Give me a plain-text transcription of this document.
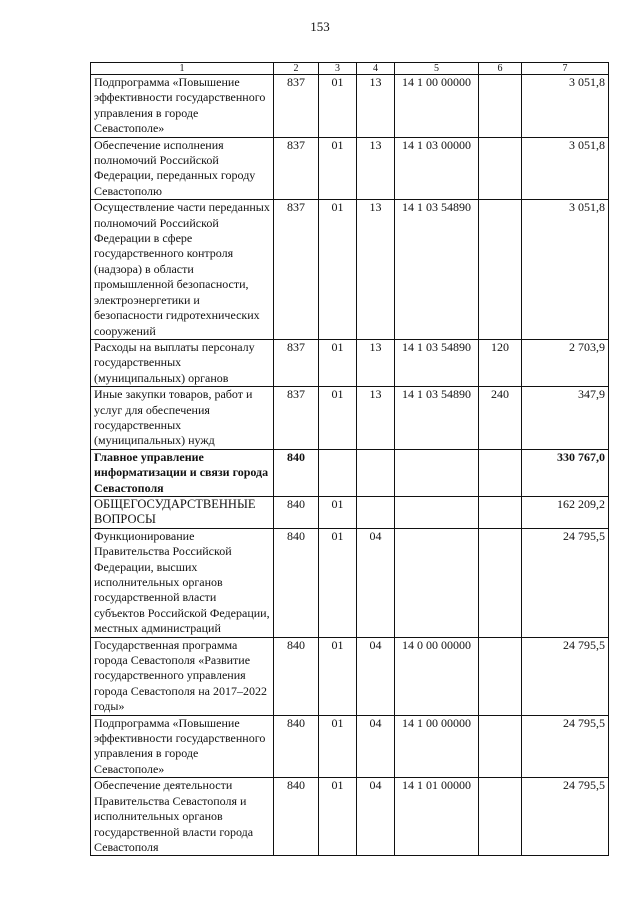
153
1	2	3	4	5	6	7
Подпрограмма «Повышение эффективности государственного управления в городе Севастополе»	837	01	13	14 1 00 00000		3 051,8
Обеспечение исполнения полномочий Российской Федерации, переданных городу Севастополю	837	01	13	14 1 03 00000		3 051,8
Осуществление части переданных полномочий Российской Федерации в сфере государственного контроля (надзора) в области промышленной безопасности, электроэнергетики и безопасности гидротехнических сооружений	837	01	13	14 1 03 54890		3 051,8
Расходы на выплаты персоналу государственных (муниципальных) органов	837	01	13	14 1 03 54890	120	2 703,9
Иные закупки товаров, работ и услуг для обеспечения государственных (муниципальных) нужд	837	01	13	14 1 03 54890	240	347,9
Главное управление информатизации и связи города Севастополя	840					330 767,0
ОБЩЕГОСУДАРСТВЕННЫЕ ВОПРОСЫ	840	01				162 209,2
Функционирование Правительства Российской Федерации, высших исполнительных органов государственной власти субъектов Российской Федерации, местных администраций	840	01	04			24 795,5
Государственная программа города Севастополя «Развитие государственного управления города Севастополя на 2017–2022 годы»	840	01	04	14 0 00 00000		24 795,5
Подпрограмма «Повышение эффективности государственного управления в городе Севастополе»	840	01	04	14 1 00 00000		24 795,5
Обеспечение деятельности Правительства Севастополя и исполнительных органов государственной власти города Севастополя	840	01	04	14 1 01 00000		24 795,5
